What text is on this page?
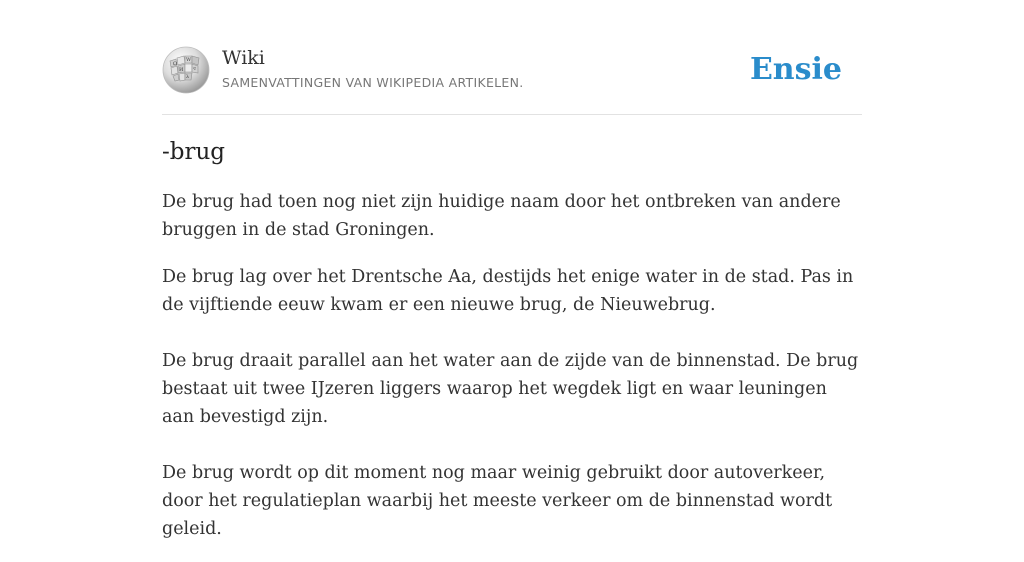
Ω
W
И ব
λ
Wiki
SAMENVATTINGEN VAN WIKIPEDIA ARTIKELEN.	Ensie
-brug

De brug had toen nog niet zijn huidige naam door het ontbreken van andere bruggen in de stad Groningen.

De brug lag over het Drentsche Aa, destijds het enige water in de stad. Pas in de vijftiende eeuw kwam er een nieuwe brug, de Nieuwebrug.

De brug draait parallel aan het water aan de zijde van de binnenstad. De brug bestaat uit twee IJzeren liggers waarop het wegdek ligt en waar leuningen aan bevestigd zijn.

De brug wordt op dit moment nog maar weinig gebruikt door autoverkeer, door het regulatieplan waarbij het meeste verkeer om de binnenstad wordt geleid.
